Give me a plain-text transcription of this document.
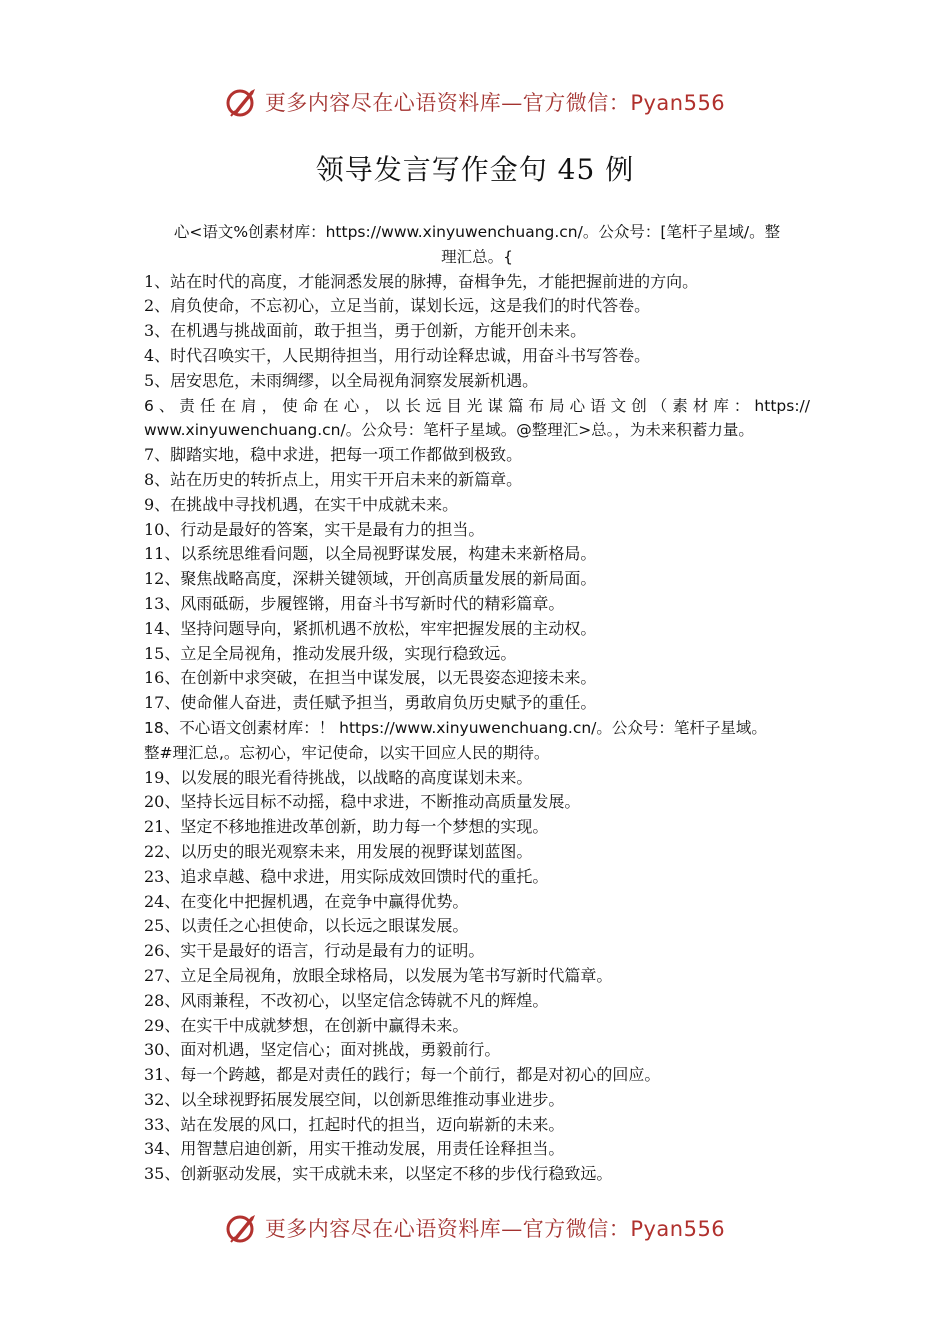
更多内容尽在心语资料库—官方微信：Pyan556
领导发言写作金句 45 例
心<语文%创素材库：https://www.xinyuwenchuang.cn/。公众号：[笔杆子星域/。整
理汇总。{
1、站在时代的高度，才能洞悉发展的脉搏，奋楫争先，才能把握前进的方向。
2、肩负使命，不忘初心，立足当前，谋划长远，这是我们的时代答卷。
3、在机遇与挑战面前，敢于担当，勇于创新，方能开创未来。
4、时代召唤实干，人民期待担当，用行动诠释忠诚，用奋斗书写答卷。
5、居安思危，未雨绸缪，以全局视角洞察发展新机遇。
6、责任在肩，使命在心，以长远目光谋篇布局心语文创（素材库：https://
www.xinyuwenchuang.cn/。公众号：笔杆子星域。@整理汇>总。，为未来积蓄力量。
7、脚踏实地，稳中求进，把每一项工作都做到极致。
8、站在历史的转折点上，用实干开启未来的新篇章。
9、在挑战中寻找机遇，在实干中成就未来。
10、行动是最好的答案，实干是最有力的担当。
11、以系统思维看问题，以全局视野谋发展，构建未来新格局。
12、聚焦战略高度，深耕关键领域，开创高质量发展的新局面。
13、风雨砥砺，步履铿锵，用奋斗书写新时代的精彩篇章。
14、坚持问题导向，紧抓机遇不放松，牢牢把握发展的主动权。
15、立足全局视角，推动发展升级，实现行稳致远。
16、在创新中求突破，在担当中谋发展，以无畏姿态迎接未来。
17、使命催人奋进，责任赋予担当，勇敢肩负历史赋予的重任。
18、不心语文创素材库：！ https://www.xinyuwenchuang.cn/。公众号：笔杆子星域。
整#理汇总,。忘初心，牢记使命，以实干回应人民的期待。
19、以发展的眼光看待挑战，以战略的高度谋划未来。
20、坚持长远目标不动摇，稳中求进，不断推动高质量发展。
21、坚定不移地推进改革创新，助力每一个梦想的实现。
22、以历史的眼光观察未来，用发展的视野谋划蓝图。
23、追求卓越、稳中求进，用实际成效回馈时代的重托。
24、在变化中把握机遇，在竞争中赢得优势。
25、以责任之心担使命，以长远之眼谋发展。
26、实干是最好的语言，行动是最有力的证明。
27、立足全局视角，放眼全球格局，以发展为笔书写新时代篇章。
28、风雨兼程，不改初心，以坚定信念铸就不凡的辉煌。
29、在实干中成就梦想，在创新中赢得未来。
30、面对机遇，坚定信心；面对挑战，勇毅前行。
31、每一个跨越，都是对责任的践行；每一个前行，都是对初心的回应。
32、以全球视野拓展发展空间，以创新思维推动事业进步。
33、站在发展的风口，扛起时代的担当，迈向崭新的未来。
34、用智慧启迪创新，用实干推动发展，用责任诠释担当。
35、创新驱动发展，实干成就未来，以坚定不移的步伐行稳致远。
更多内容尽在心语资料库—官方微信：Pyan556
